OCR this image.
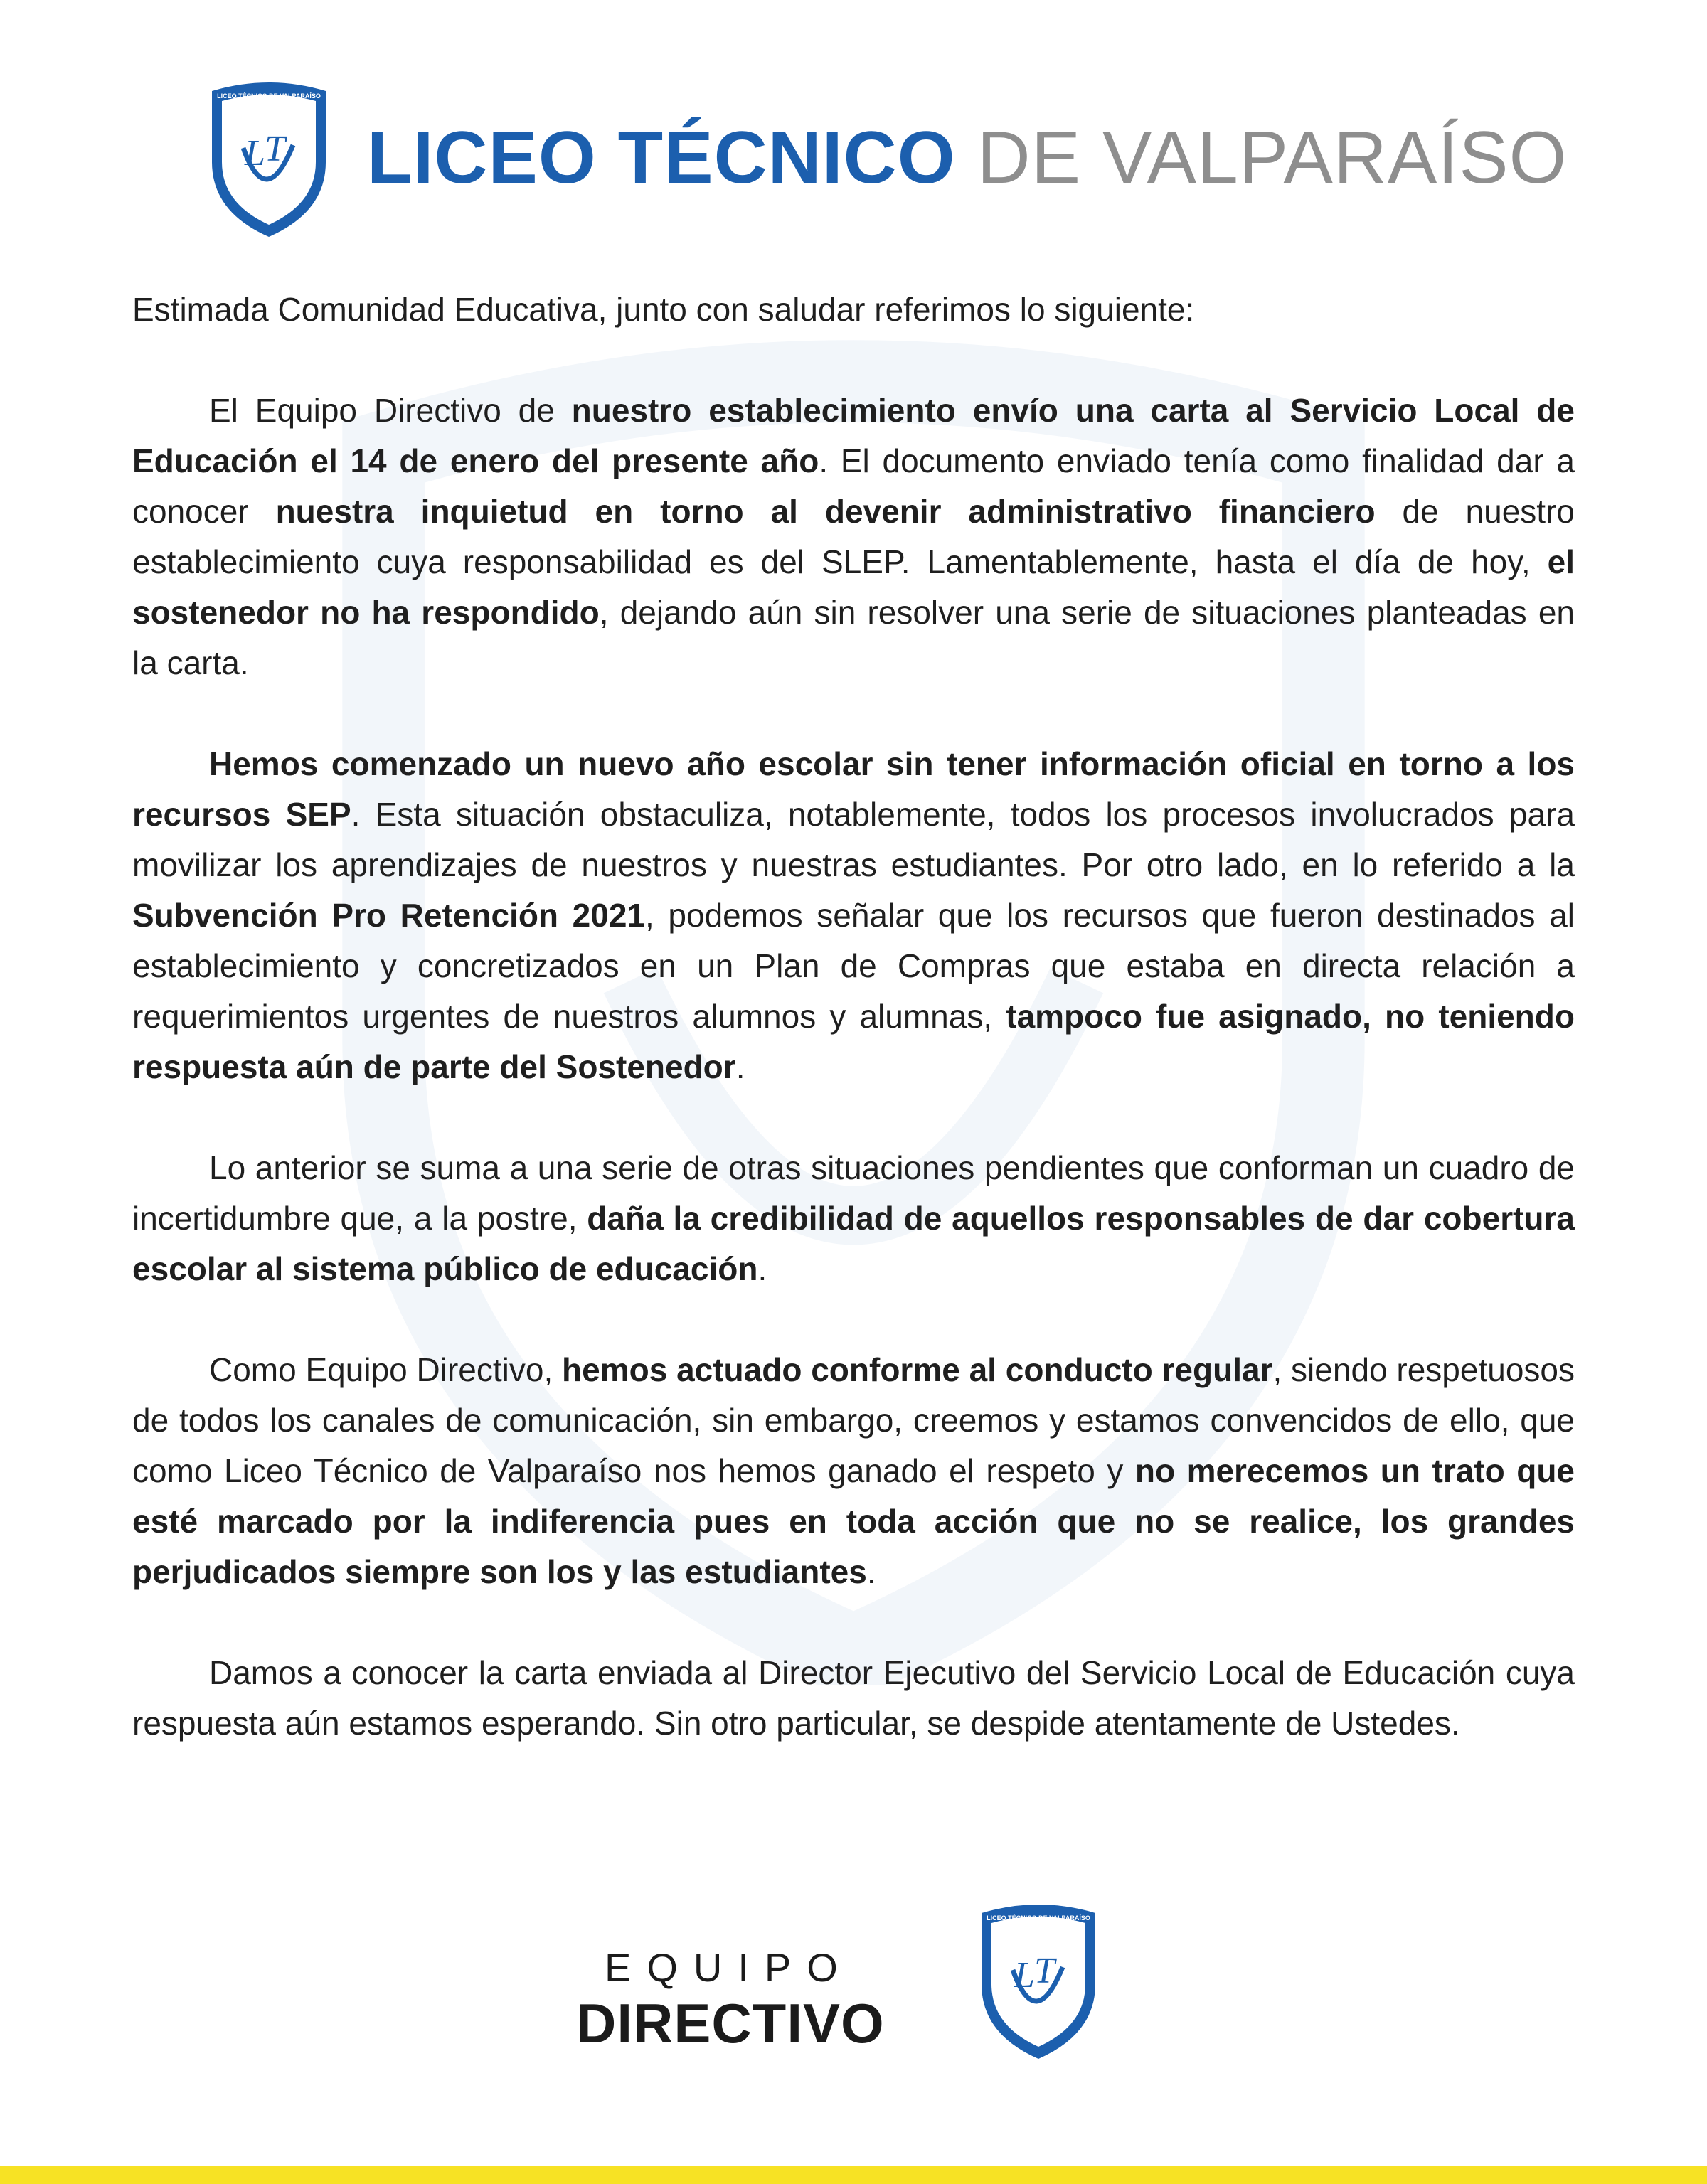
LICEO TÉCNICO DE VALPARAÍSO
L T LICEO TÉCNICO DE VALPARAÍSO

Estimada Comunidad Educativa, junto con saludar referimos lo siguiente:

El Equipo Directivo de nuestro establecimiento envío una carta al Servicio Local de Educación el 14 de enero del presente año. El documento enviado tenía como finalidad dar a conocer nuestra inquietud en torno al devenir administrativo financiero de nuestro establecimiento cuya responsabilidad es del SLEP. Lamentablemente, hasta el día de hoy, el sostenedor no ha respondido, dejando aún sin resolver una serie de situaciones planteadas en la carta.

Hemos comenzado un nuevo año escolar sin tener información oficial en torno a los recursos SEP. Esta situación obstaculiza, notablemente, todos los procesos involucrados para movilizar los aprendizajes de nuestros y nuestras estudiantes. Por otro lado, en lo referido a la Subvención Pro Retención 2021, podemos señalar que los recursos que fueron destinados al establecimiento y concretizados en un Plan de Compras que estaba en directa relación a requerimientos urgentes de nuestros alumnos y alumnas, tampoco fue asignado, no teniendo respuesta aún de parte del Sostenedor.

Lo anterior se suma a una serie de otras situaciones pendientes que conforman un cuadro de incertidumbre que, a la postre, daña la credibilidad de aquellos responsables de dar cobertura escolar al sistema público de educación.

Como Equipo Directivo, hemos actuado conforme al conducto regular, siendo respetuosos de todos los canales de comunicación, sin embargo, creemos y estamos convencidos de ello, que como Liceo Técnico de Valparaíso nos hemos ganado el respeto y no merecemos un trato que esté marcado por la indiferencia pues en toda acción que no se realice, los grandes perjudicados siempre son los y las estudiantes.

Damos a conocer la carta enviada al Director Ejecutivo del Servicio Local de Educación cuya respuesta aún estamos esperando. Sin otro particular, se despide atentamente de Ustedes.

EQUIPO
DIRECTIVO
LICEO TÉCNICO DE VALPARAÍSO
L T
